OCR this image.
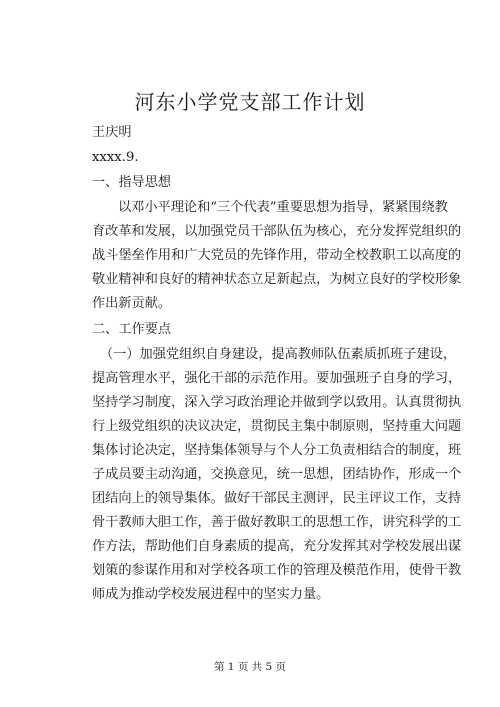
河东小学党支部工作计划
王庆明
xxxx.9.
一、指导思想
以邓小平理论和“三个代表”重要思想为指导，紧紧围绕教
育改革和发展，以加强党员干部队伍为核心，充分发挥党组织的
战斗堡垒作用和广大党员的先锋作用，带动全校教职工以高度的
敬业精神和良好的精神状态立足新起点，为树立良好的学校形象
作出新贡献。
二、工作要点
（一）加强党组织自身建设，提高教师队伍素质抓班子建设，
提高管理水平，强化干部的示范作用。要加强班子自身的学习，
坚持学习制度，深入学习政治理论并做到学以致用。认真贯彻执
行上级党组织的决议决定，贯彻民主集中制原则，坚持重大问题
集体讨论决定，坚持集体领导与个人分工负责相结合的制度，班
子成员要主动沟通，交换意见，统一思想，团结协作，形成一个
团结向上的领导集体。做好干部民主测评，民主评议工作，支持
骨干教师大胆工作，善于做好教职工的思想工作，讲究科学的工
作方法，帮助他们自身素质的提高，充分发挥其对学校发展出谋
划策的参谋作用和对学校各项工作的管理及模范作用，使骨干教
师成为推动学校发展进程中的坚实力量。
第 1 页 共 5 页
